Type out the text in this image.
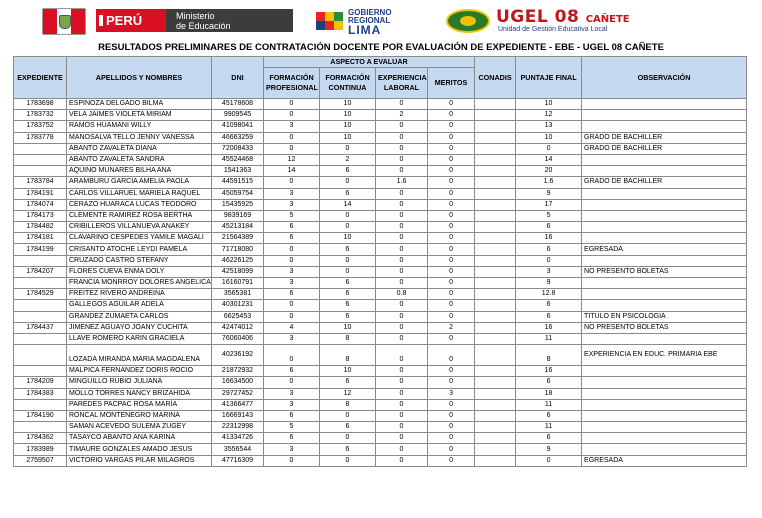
PERÚ	Ministerio
de Educación
GOBIERNO
REGIONAL
LIMA
UGEL 08 CAÑETE
Unidad de Gestión Educativa Local
RESULTADOS PRELIMINARES DE CONTRATACIÓN DOCENTE POR EVALUACIÓN DE EXPEDIENTE - EBE - UGEL 08 CAÑETE
EXPEDIENTE	APELLIDOS Y NOMBRES	DNI	ASPECTO A EVALUAR				CONADIS	PUNTAJE FINAL	OBSERVACIÓN
			FORMACIÓN PROFESIONAL	FORMACIÓN CONTINUA	EXPERIENCIA LABORAL	MERITOS			
1783698	ESPINOZA DELGADO BILMA	45178608	0	10	0	0		10	
1783732	VELA JAIMES VIOLETA MIRIAM	9909545	0	10	2	0		12	
1783752	RAMOS HUAMANI WILLY	41098041	3	10	0	0		13	
1783778	MANOSALVA TELLO JENNY VANESSA	46663259	0	10	0	0		10	GRADO DE BACHILLER
	ABANTO ZAVALETA DIANA	72008433	0	0	0	0		0	GRADO DE BACHILLER
	ABANTO ZAVALETA SANDRA	45524468	12	2	0	0		14	
	AQUINO MUNARES BILHA ANA	1541363	14	6	0	0		20	
1783784	ARAMBURU GARCIA AMELIA PAOLA	44591515	0	0	1.6	0		1.6	GRADO DE BACHILLER
1784191	CARLOS VILLARUEL MARIELA RAQUEL	45059754	3	6	0	0		9	
1784074	CERAZO HUARACA LUCAS TEODORO	15435925	3	14	0	0		17	
1784173	CLEMENTE RAMIREZ ROSA BERTHA	9839169	5	0	0	0		5	
1784482	CRIBILLEROS VILLANUEVA ANAKEY	45213184	6	0	0	0		6	
1784181	CLAVARINO CESPEDES YAMILE MAGALI	21564389	6	10	0	0		16	
1784199	CRISANTO ATOCHE LEYDI PAMELA	71718080	0	6	0	0		6	EGRESADA
	CRUZADO CASTRO STEFANY	46226125	0	0	0	0		0	
1784207	FLORES CUEVA ENMA DOLY	42518099	3	0	0	0		3	NO PRESENTO BOLETAS
	FRANCIA MONRROY DOLORES ANGELICA	16160791	3	6	0	0		9	
1784529	FREITEZ RIVERO ANDREINA	3565381	6	6	0.8	0		12.8	
	GALLEGOS AGUILAR ADELA	40301231	0	6	0	0		6	
	GRANDEZ ZUMAETA CARLOS	6625453	0	6	0	0		6	TITULO EN PSICOLOGIA
1784437	JIMENEZ AGUAYO JOANY CUCHITA	42474012	4	10	0	2		16	NO PRESENTO BOLETAS
	LLAVE ROMERO KARIN GRACIELA	76060406	3	8	0	0		11	
	LOZADA MIRANDA MARIA MAGDALENA	40236192	0	8	0	0		8	EXPERIENCIA EN EDUC. PRIMARIA EBE
	MALPICA FERNANDEZ DORIS ROCIO	21872932	6	10	0	0		16	
1784209	MINGUILLO RUBIO JULIANA	16634500	0	6	0	0		6	
1784383	MOLLO TORRES NANCY BRIZAHIDA	29727452	3	12	0	3		18	
	PAREDES PACPAC ROSA MARÍA	41366477	3	8	0	0		11	
1784190	RONCAL MONTENEGRO MARINA	16669143	6	0	0	0		6	
	SAMAN ACEVEDO SULEMA ZUGEY	22312998	5	6	0	0		11	
1784362	TASAYCO ABANTO ANA KARINA	41334726	6	0	0	0		6	
1783989	TIMAURE GONZALES AMADO JESUS	3556544	3	6	0	0		9	
2759507	VICTORIO VARGAS PILAR MILAGROS	47716309	0	0	0	0		0	EGRESADA
